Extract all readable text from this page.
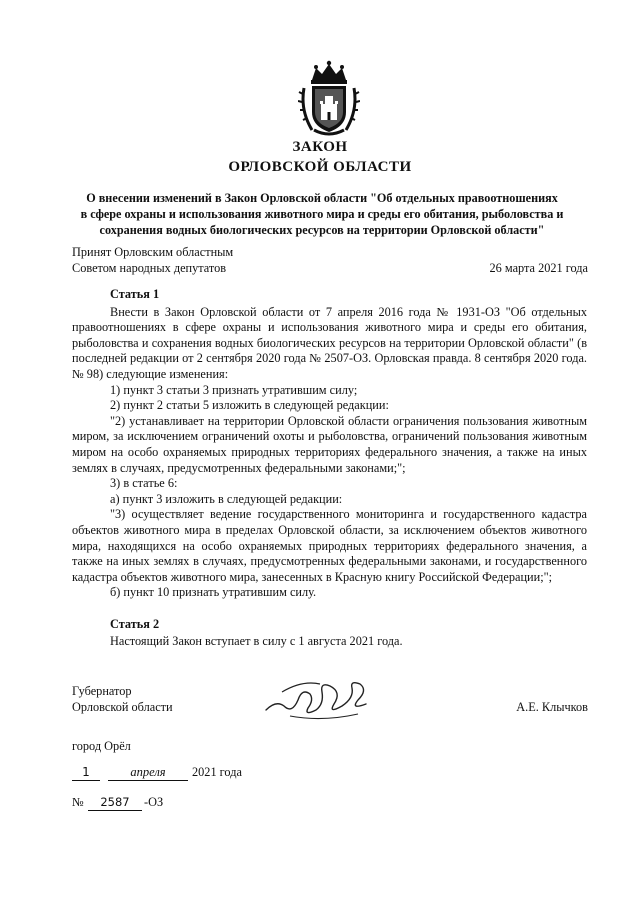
ЗАКОН
ОРЛОВСКОЙ ОБЛАСТИ
О внесении изменений в Закон Орловской области "Об отдельных правоотношениях
в сфере охраны и использования животного мира и среды его обитания, рыболовства и
сохранения водных биологических ресурсов на территории Орловской области"
Принят Орловским областным
Советом народных депутатов	26 марта 2021 года
Статья 1
Внести в Закон Орловской области от 7 апреля 2016 года № 1931-ОЗ "Об отдельных правоотношениях в сфере охраны и использования животного мира и среды его обитания, рыболовства и сохранения водных биологических ресурсов на территории Орловской области" (в последней редакции от 2 сентября 2020 года № 2507-ОЗ. Орловская правда. 8 сентября 2020 года. № 98) следующие изменения:
1) пункт 3 статьи 3 признать утратившим силу;
2) пункт 2 статьи 5 изложить в следующей редакции:
"2) устанавливает на территории Орловской области ограничения пользования животным миром, за исключением ограничений охоты и рыболовства, ограничений пользования животным миром на особо охраняемых природных территориях федерального значения, а также на иных землях в случаях, предусмотренных федеральными законами;";
3) в статье 6:
а) пункт 3 изложить в следующей редакции:
"3) осуществляет ведение государственного мониторинга и государственного кадастра объектов животного мира в пределах Орловской области, за исключением объектов животного мира, находящихся на особо охраняемых природных территориях федерального значения, а также на иных землях в случаях, предусмотренных федеральными законами, и государственного кадастра объектов животного мира, занесенных в Красную книгу Российской Федерации;";
б) пункт 10 признать утратившим силу.
Статья 2
Настоящий Закон вступает в силу с 1 августа 2021 года.
Губернатор
Орловской области	А.Е. Клычков
город Орёл
1	апреля	2021 года
№	2587	-ОЗ
